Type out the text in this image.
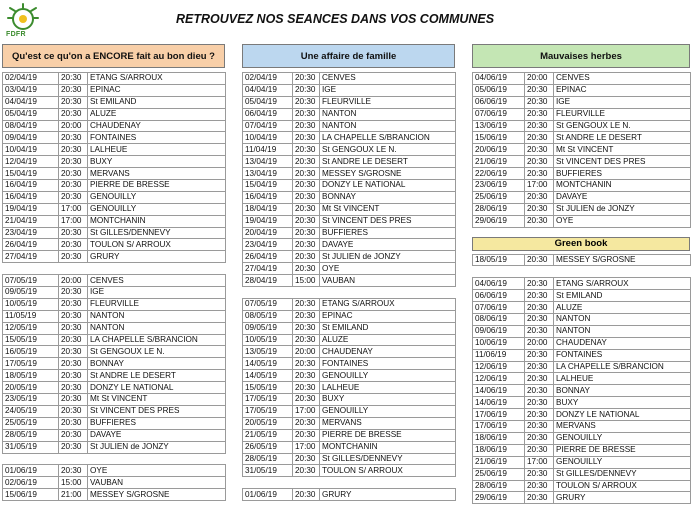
FDFR
RETROUVEZ NOS SEANCES DANS VOS COMMUNES
Qu'est ce qu'on a ENCORE fait au bon dieu ?
02/04/19	20:30	ETANG S/ARROUX
03/04/19	20:30	EPINAC
04/04/19	20:30	St EMILAND
05/04/19	20:30	ALUZE
08/04/19	20:00	CHAUDENAY
09/04/19	20:30	FONTAINES
10/04/19	20:30	LALHEUE
12/04/19	20:30	BUXY
15/04/19	20:30	MERVANS
16/04/19	20:30	PIERRE DE BRESSE
16/04/19	20:30	GENOUILLY
19/04/19	17:00	GENOUILLY
21/04/19	17:00	MONTCHANIN
23/04/19	20:30	St GILLES/DENNEVY
26/04/19	20:30	TOULON S/ ARROUX
27/04/19	20:30	GRURY

07/05/19	20:00	CENVES
09/05/19	20:30	IGE
10/05/19	20:30	FLEURVILLE
11/05/19	20:30	NANTON
12/05/19	20:30	NANTON
15/05/19	20:30	LA CHAPELLE S/BRANCION
16/05/19	20:30	St GENGOUX LE N.
17/05/19	20:30	BONNAY
18/05/19	20:30	St ANDRE LE DESERT
20/05/19	20:30	DONZY LE NATIONAL
23/05/19	20:30	Mt St VINCENT
24/05/19	20:30	St VINCENT DES PRES
25/05/19	20:30	BUFFIERES
28/05/19	20:30	DAVAYE
31/05/19	20:30	St JULIEN de JONZY

01/06/19	20:30	OYE
02/06/19	15:00	VAUBAN
15/06/19	21:00	MESSEY S/GROSNE
Une affaire de famille
02/04/19	20:30	CENVES
04/04/19	20:30	IGE
05/04/19	20:30	FLEURVILLE
06/04/19	20:30	NANTON
07/04/19	20:30	NANTON
10/04/19	20:30	LA CHAPELLE S/BRANCION
11/04/19	20:30	St GENGOUX LE N.
13/04/19	20:30	St ANDRE LE DESERT
13/04/19	20:30	MESSEY S/GROSNE
15/04/19	20:30	DONZY LE NATIONAL
16/04/19	20:30	BONNAY
18/04/19	20:30	Mt St VINCENT
19/04/19	20:30	St VINCENT DES PRES
20/04/19	20:30	BUFFIERES
23/04/19	20:30	DAVAYE
26/04/19	20:30	St JULIEN de JONZY
27/04/19	20:30	OYE
28/04/19	15:00	VAUBAN

07/05/19	20:30	ETANG S/ARROUX
08/05/19	20:30	EPINAC
09/05/19	20:30	St EMILAND
10/05/19	20:30	ALUZE
13/05/19	20:00	CHAUDENAY
14/05/19	20:30	FONTAINES
14/05/19	20:30	GENOUILLY
15/05/19	20:30	LALHEUE
17/05/19	20:30	BUXY
17/05/19	17:00	GENOUILLY
20/05/19	20:30	MERVANS
21/05/19	20:30	PIERRE DE BRESSE
26/05/19	17:00	MONTCHANIN
28/05/19	20:30	St GILLES/DENNEVY
31/05/19	20:30	TOULON S/ ARROUX

01/06/19	20:30	GRURY
Mauvaises herbes
04/06/19	20:00	CENVES
05/06/19	20:30	EPINAC
06/06/19	20:30	IGE
07/06/19	20:30	FLEURVILLE
13/06/19	20:30	St GENGOUX LE N.
15/06/19	20:30	St ANDRE LE DESERT
20/06/19	20:30	Mt St VINCENT
21/06/19	20:30	St VINCENT DES PRES
22/06/19	20:30	BUFFIERES
23/06/19	17:00	MONTCHANIN
25/06/19	20:30	DAVAYE
28/06/19	20:30	St JULIEN de JONZY
29/06/19	20:30	OYE
Green book
18/05/19	20:30	MESSEY S/GROSNE

04/06/19	20:30	ETANG S/ARROUX
06/06/19	20:30	St EMILAND
07/06/19	20:30	ALUZE
08/06/19	20:30	NANTON
09/06/19	20:30	NANTON
10/06/19	20:00	CHAUDENAY
11/06/19	20:30	FONTAINES
12/06/19	20:30	LA CHAPELLE S/BRANCION
12/06/19	20:30	LALHEUE
14/06/19	20:30	BONNAY
14/06/19	20:30	BUXY
17/06/19	20:30	DONZY LE NATIONAL
17/06/19	20:30	MERVANS
18/06/19	20:30	GENOUILLY
18/06/19	20:30	PIERRE DE BRESSE
21/06/19	17:00	GENOUILLY
25/06/19	20:30	St GILLES/DENNEVY
28/06/19	20:30	TOULON S/ ARROUX
29/06/19	20:30	GRURY
